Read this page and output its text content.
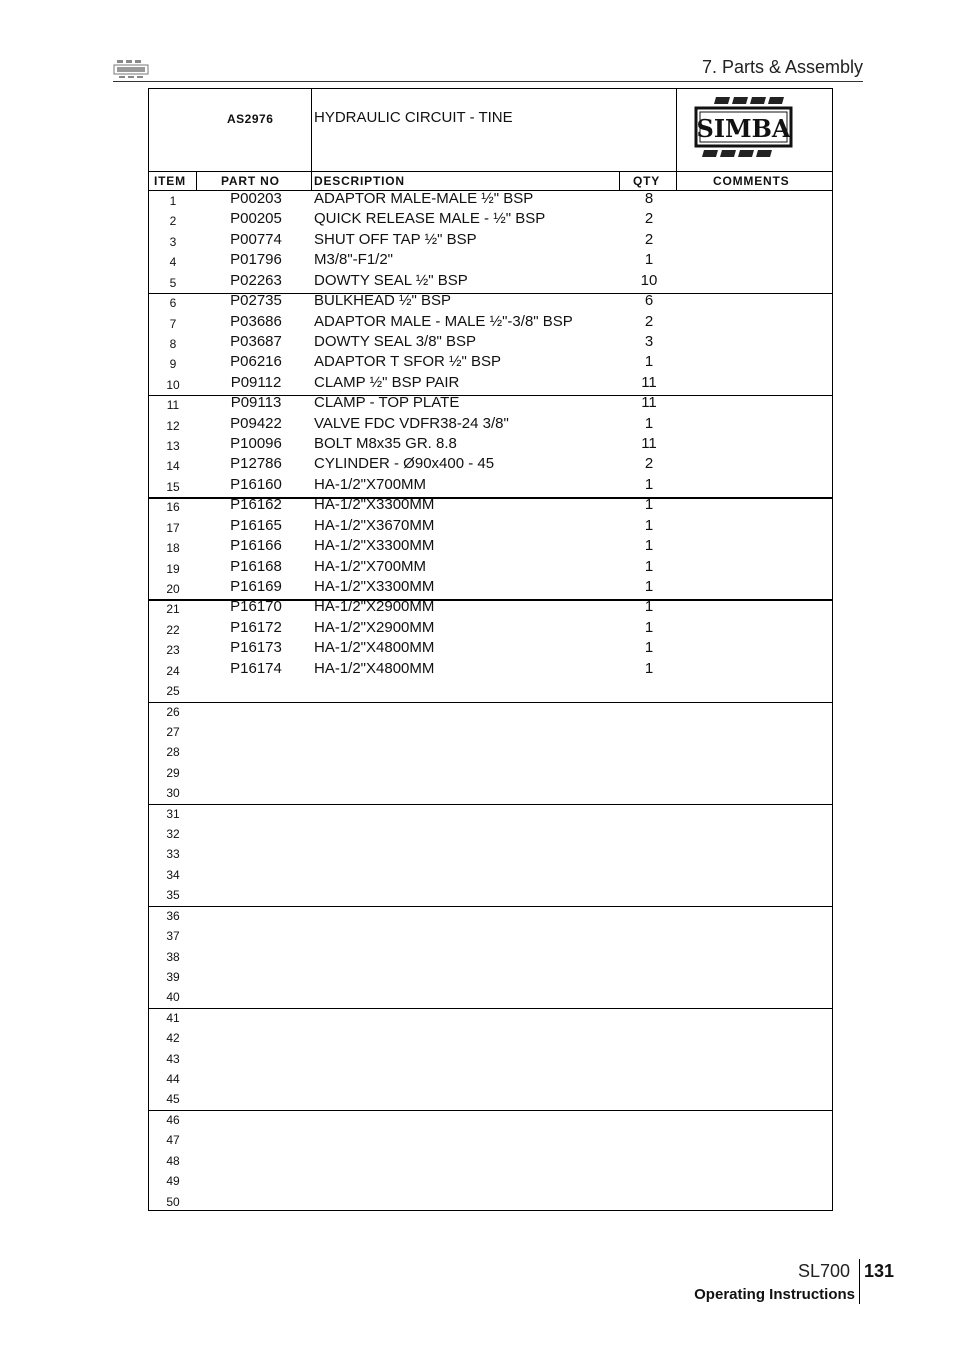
7. Parts & Assembly
AS2976	HYDRAULIC CIRCUIT - TINE	SIMBA
ITEM	PART NO	DESCRIPTION	QTY	COMMENTS
1	P00203	ADAPTOR MALE-MALE ½" BSP	8
2	P00205	QUICK RELEASE MALE - ½" BSP	2
3	P00774	SHUT OFF TAP ½" BSP	2
4	P01796	M3/8"-F1/2"	1
5	P02263	DOWTY SEAL ½" BSP	10
6	P02735	BULKHEAD ½" BSP	6
7	P03686	ADAPTOR MALE - MALE ½"-3/8" BSP	2
8	P03687	DOWTY SEAL 3/8" BSP	3
9	P06216	ADAPTOR T SFOR ½" BSP	1
10	P09112	CLAMP ½" BSP PAIR	11
11	P09113	CLAMP - TOP PLATE	11
12	P09422	VALVE FDC VDFR38-24 3/8"	1
13	P10096	BOLT M8x35 GR. 8.8	11
14	P12786	CYLINDER - Ø90x400 - 45	2
15	P16160	HA-1/2"X700MM	1
16	P16162	HA-1/2"X3300MM	1
17	P16165	HA-1/2"X3670MM	1
18	P16166	HA-1/2"X3300MM	1
19	P16168	HA-1/2"X700MM	1
20	P16169	HA-1/2"X3300MM	1
21	P16170	HA-1/2"X2900MM	1
22	P16172	HA-1/2"X2900MM	1
23	P16173	HA-1/2"X4800MM	1
24	P16174	HA-1/2"X4800MM	1
25
26
27
28
29
30
31
32
33
34
35
36
37
38
39
40
41
42
43
44
45
46
47
48
49
50
SL700 131
Operating Instructions
